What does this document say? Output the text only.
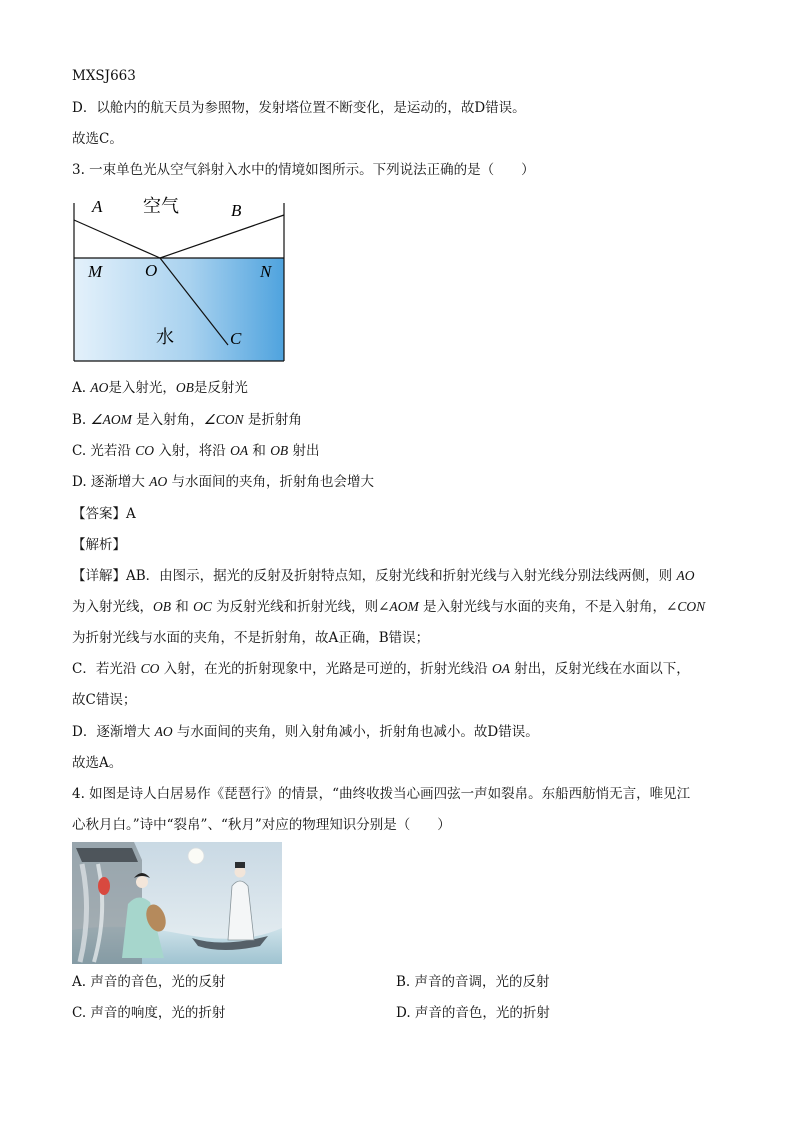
MXSJ663
D．以舱内的航天员为参照物，发射塔位置不断变化，是运动的，故D错误。
故选C。
3. 一束单色光从空气斜射入水中的情境如图所示。下列说法正确的是（　　）
A 空气	B
M	O	N
水	C
A. AO是入射光，OB是反射光
B. ∠AOM 是入射角，∠CON 是折射角
C. 光若沿 CO 入射，将沿 OA 和 OB 射出
D. 逐渐增大 AO 与水面间的夹角，折射角也会增大
【答案】A
【解析】
【详解】AB．由图示，据光的反射及折射特点知，反射光线和折射光线与入射光线分别法线两侧，则 AO
为入射光线，OB 和 OC 为反射光线和折射光线，则∠AOM 是入射光线与水面的夹角，不是入射角，∠CON
为折射光线与水面的夹角，不是折射角，故A正确，B错误；
C．若光沿 CO 入射，在光的折射现象中，光路是可逆的，折射光线沿 OA 射出，反射光线在水面以下，
故C错误；
D．逐渐增大 AO 与水面间的夹角，则入射角减小，折射角也减小。故D错误。
故选A。
4. 如图是诗人白居易作《琵琶行》的情景，“曲终收拨当心画四弦一声如裂帛。东船西舫悄无言，唯见江
心秋月白。”诗中“裂帛”、“秋月”对应的物理知识分别是（　　）
A. 声音的音色，光的反射	B. 声音的音调，光的反射
C. 声音的响度，光的折射	D. 声音的音色，光的折射
